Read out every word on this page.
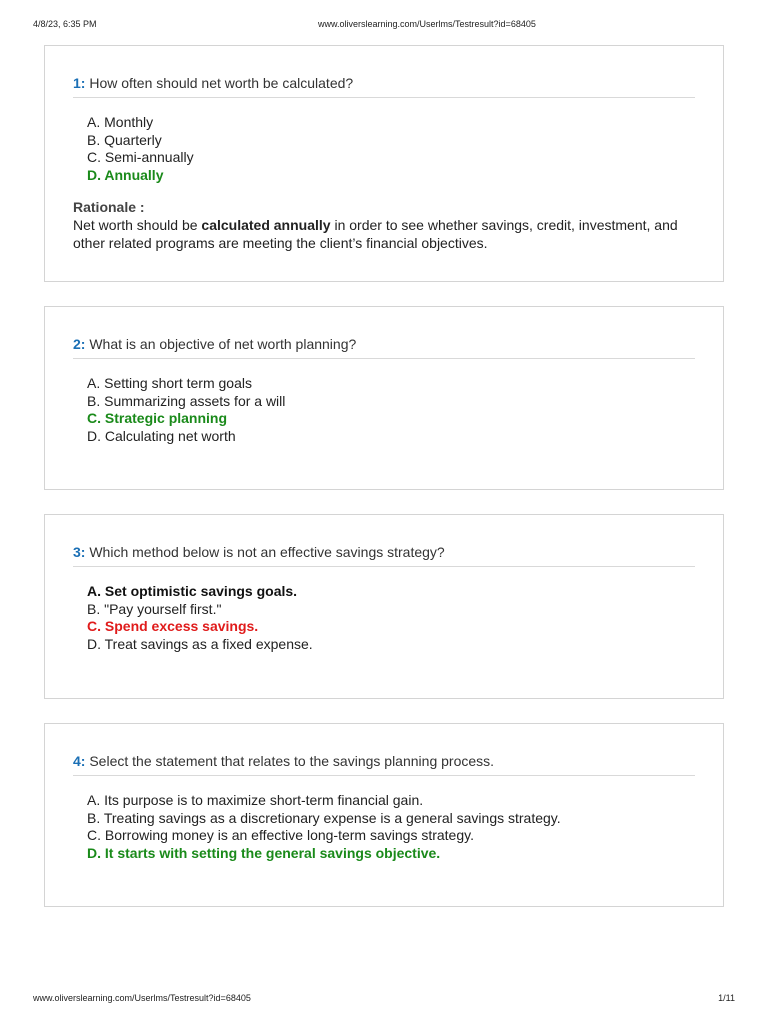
4/8/23, 6:35 PM	www.oliverslearning.com/Userlms/Testresult?id=68405
1: How often should net worth be calculated?
A. Monthly
B. Quarterly
C. Semi-annually
D. Annually
Rationale :
Net worth should be calculated annually in order to see whether savings, credit, investment, and other related programs are meeting the client’s financial objectives.
2: What is an objective of net worth planning?
A. Setting short term goals
B. Summarizing assets for a will
C. Strategic planning
D. Calculating net worth
3: Which method below is not an effective savings strategy?
A. Set optimistic savings goals.
B. "Pay yourself first."
C. Spend excess savings.
D. Treat savings as a fixed expense.
4: Select the statement that relates to the savings planning process.
A. Its purpose is to maximize short-term financial gain.
B. Treating savings as a discretionary expense is a general savings strategy.
C. Borrowing money is an effective long-term savings strategy.
D. It starts with setting the general savings objective.
www.oliverslearning.com/Userlms/Testresult?id=68405	1/11
